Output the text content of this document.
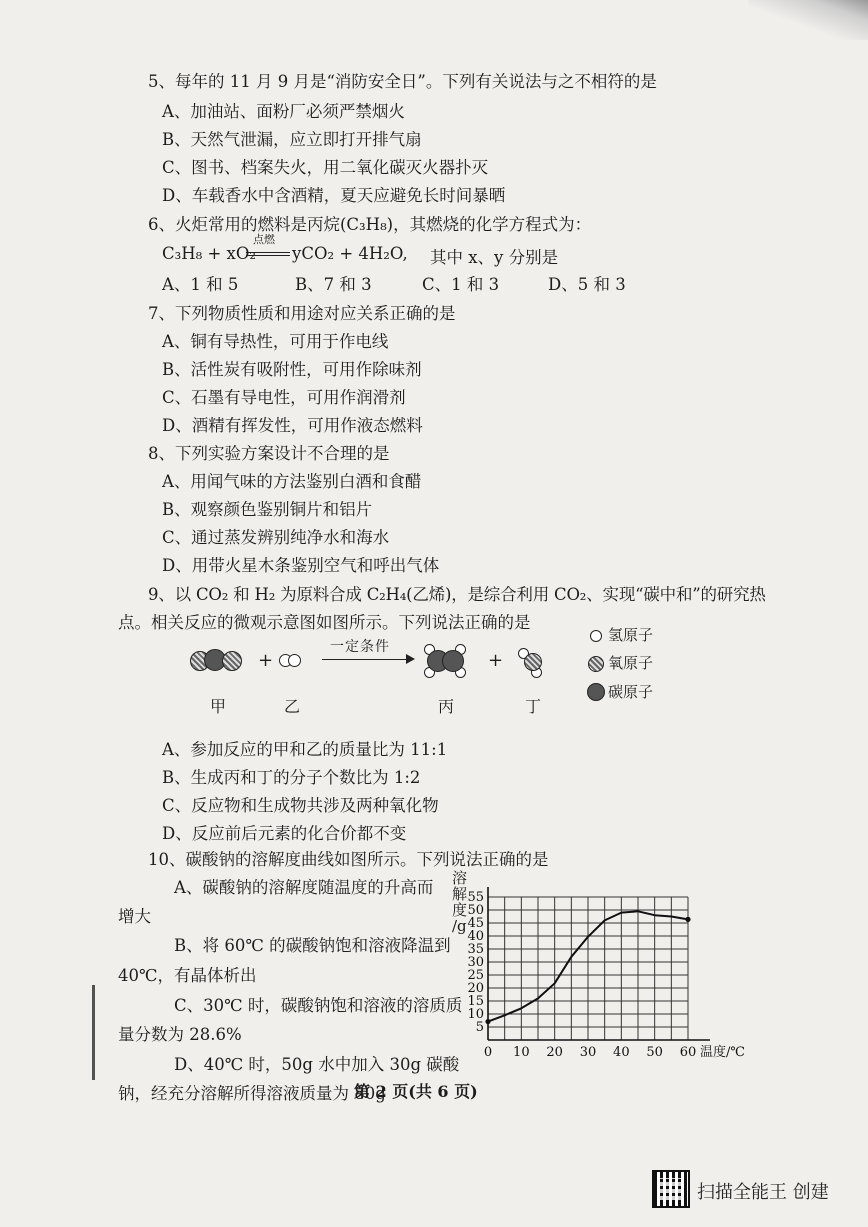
5、每年的 11 月 9 月是“消防安全日”。下列有关说法与之不相符的是
A、加油站、面粉厂必须严禁烟火
B、天然气泄漏，应立即打开排气扇
C、图书、档案失火，用二氧化碳灭火器扑灭
D、车载香水中含酒精，夏天应避免长时间暴晒
6、火炬常用的燃料是丙烷(C₃H₈)，其燃烧的化学方程式为：
C₃H₈ + xO₂
点燃
yCO₂ + 4H₂O, 其中 x、y 分别是
A、1 和 5	B、7 和 3	C、1 和 3	D、5 和 3
7、下列物质性质和用途对应关系正确的是
A、铜有导热性，可用于作电线
B、活性炭有吸附性，可用作除味剂
C、石墨有导电性，可用作润滑剂
D、酒精有挥发性，可用作液态燃料
8、下列实验方案设计不合理的是
A、用闻气味的方法鉴别白酒和食醋
B、观察颜色鉴别铜片和铝片
C、通过蒸发辨别纯净水和海水
D、用带火星木条鉴别空气和呼出气体
9、以 CO₂ 和 H₂ 为原料合成 C₂H₄(乙烯)，是综合利用 CO₂、实现“碳中和”的研究热
点。相关反应的微观示意图如图所示。下列说法正确的是
+
一定条件
+
甲	乙	丙	丁
氢原子
氧原子
碳原子
A、参加反应的甲和乙的质量比为 11:1
B、生成丙和丁的分子个数比为 1:2
C、反应物和生成物共涉及两种氧化物
D、反应前后元素的化合价都不变
10、碳酸钠的溶解度曲线如图所示。下列说法正确的是
A、碳酸钠的溶解度随温度的升高而
增大
B、将 60℃ 的碳酸钠饱和溶液降温到
40℃，有晶体析出
C、30℃ 时，碳酸钠饱和溶液的溶质质
量分数为 28.6%
D、40℃ 时，50g 水中加入 30g 碳酸
钠，经充分溶解所得溶液质量为 80g
溶
解
度
/g
0 10 20 30 40 50 60
5
10
15
20
25
30
35
40
45
50
55
温度/℃
第 2 页(共 6 页)
扫描全能王 创建
